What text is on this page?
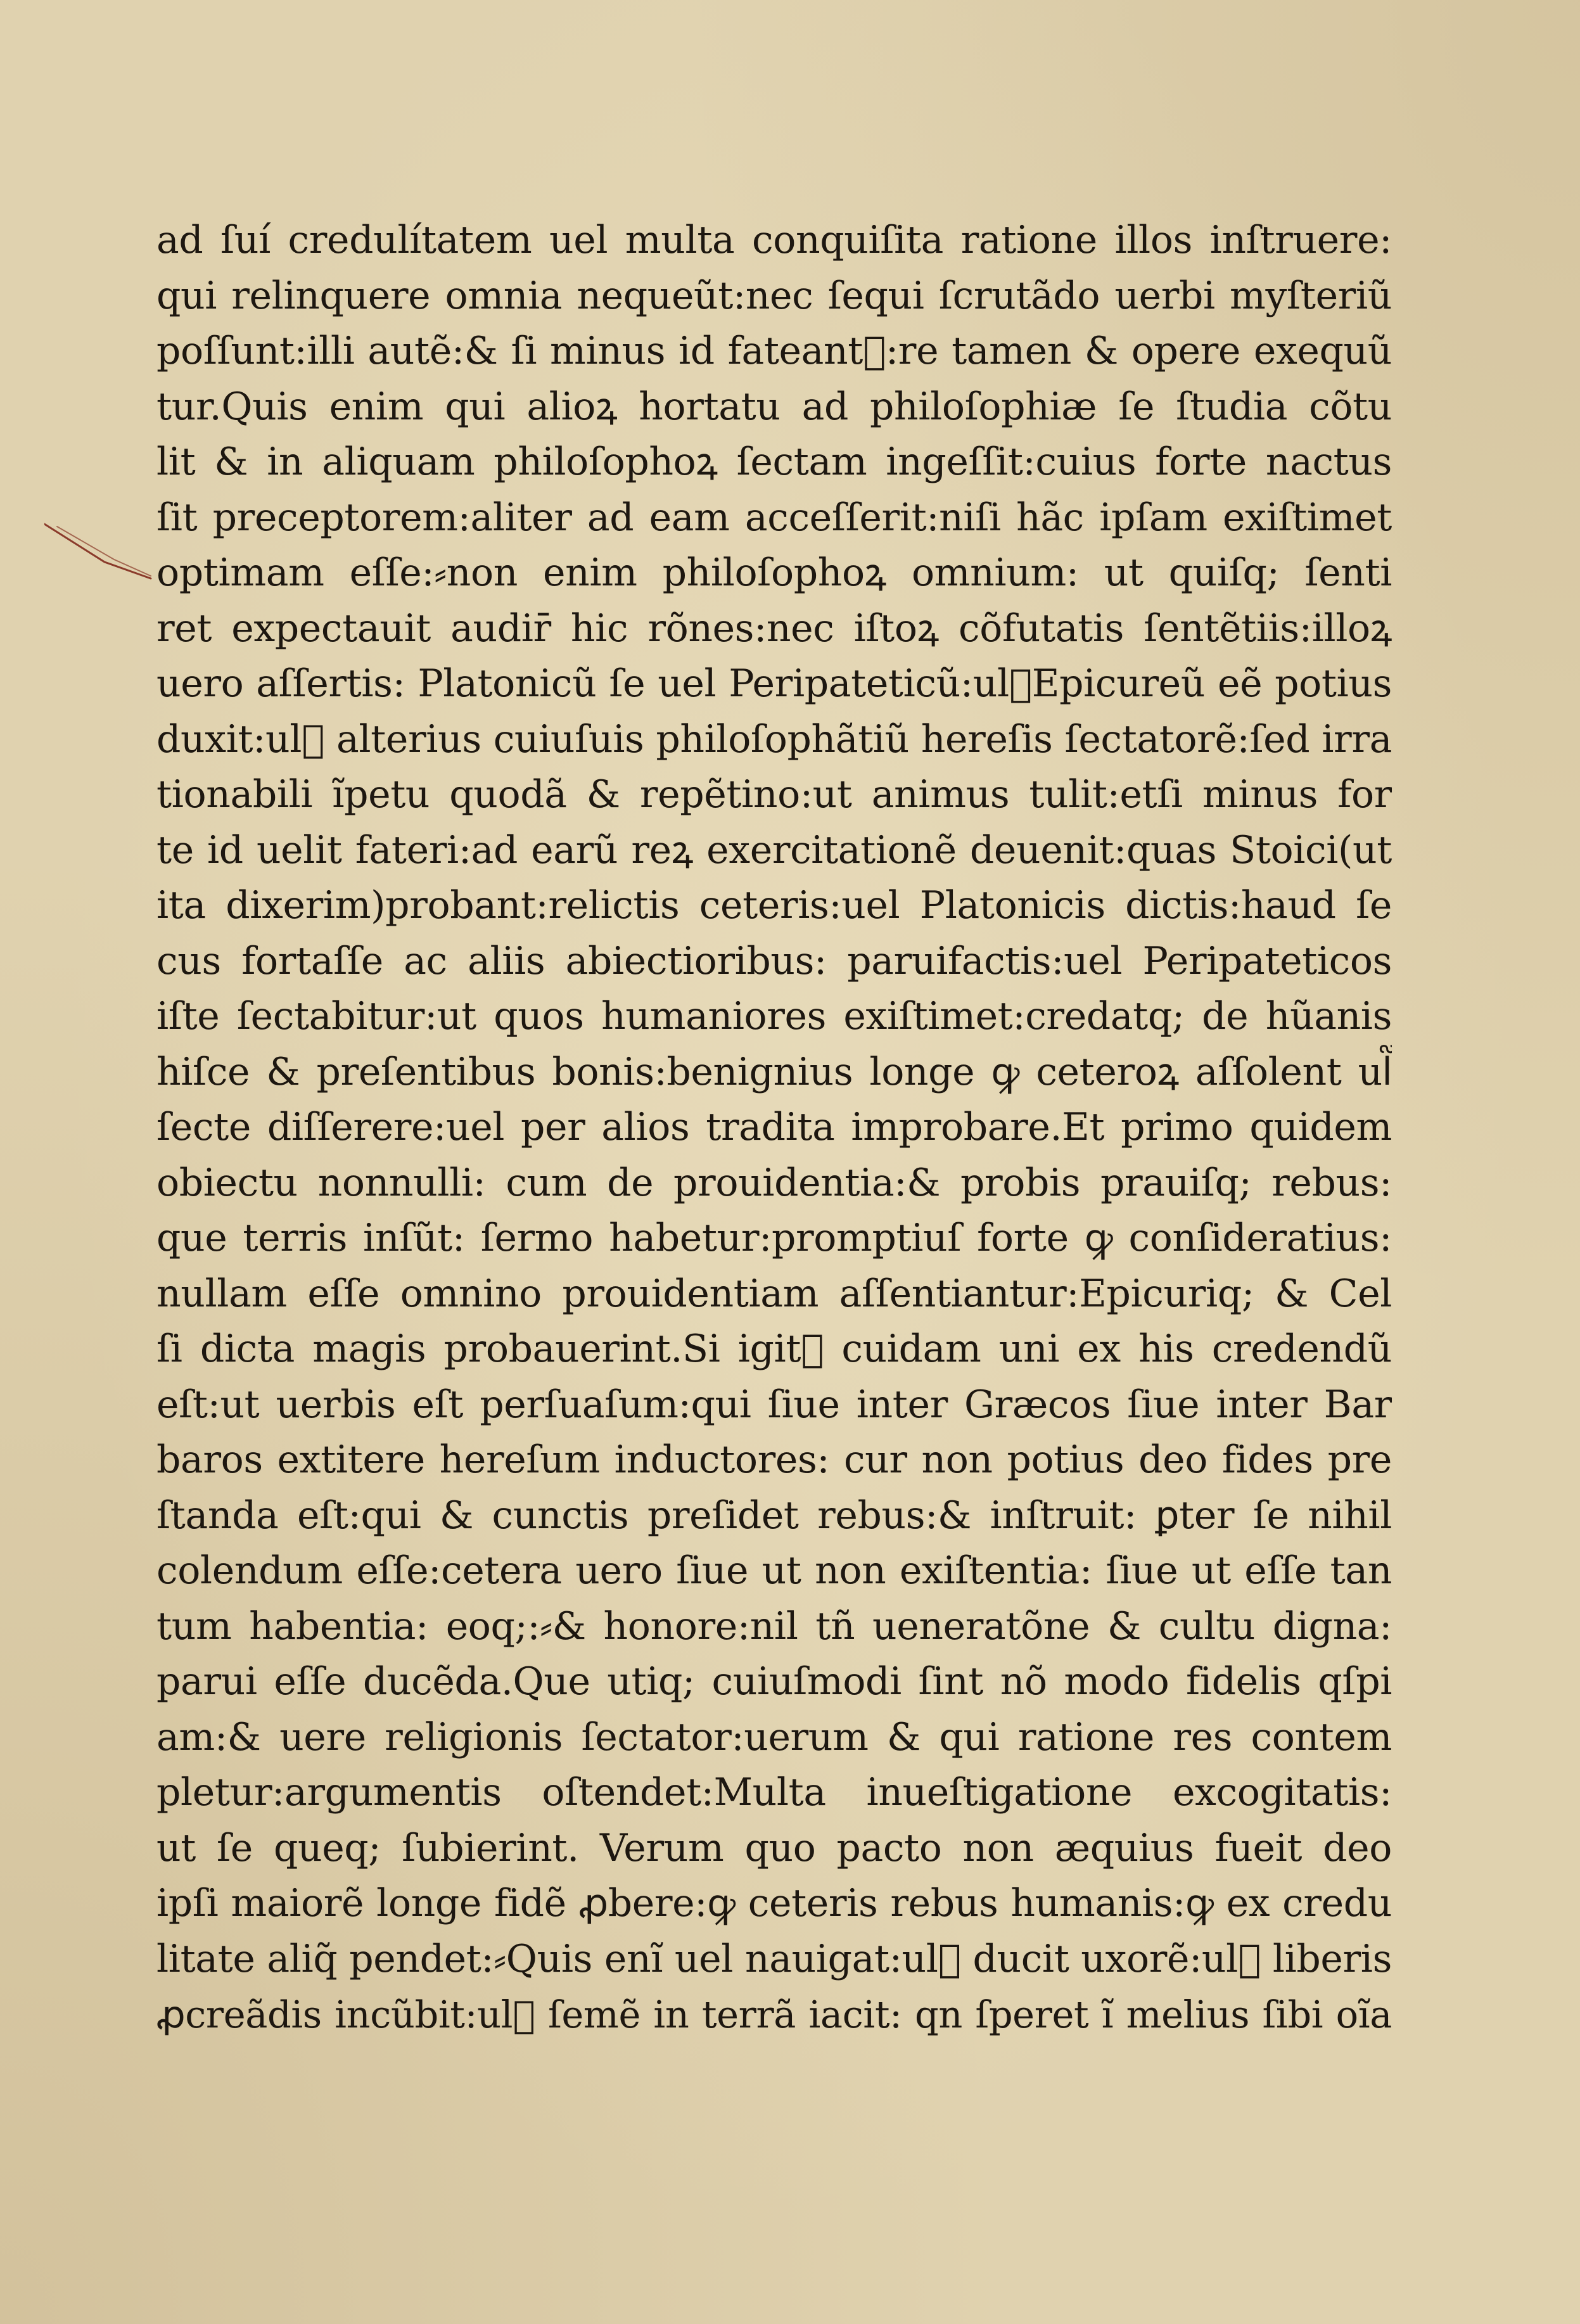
ad ſuí credulítatem uel multa conquiſita ratione illos inſtruere:
qui relinquere omnia nequeũt:nec ſequi ſcrutãdo uerbi myſteriũ
poſſunt:illi autẽ:& ſi minus id fateant᷑:re tamen & opere exequũ
tur.Quis enim qui alioꝝ hortatu ad philoſophiæ ſe ſtudia cõtu
lit & in aliquam philoſophoꝝ ſectam ingeſſit:cuius forte nactus
ſit preceptorem:aliter ad eam acceſſerit:niſi hãc ipſam exiſtimet
optimam eſſe:⸗non enim philoſophoꝝ omnium: ut quiſq; ſenti
ret expectauit audir̄ hic rõnes:nec iſtoꝝ cõfutatis ſentẽtiis:illoꝝ
uero aſſertis: Platonicũ ſe uel Peripateticũ:ul᷑Epicureũ eẽ potius
duxit:ul᷑ alterius cuiuſuis philoſophãtiũ hereſis ſectatorẽ:ſed irra
tionabili ĩpetu quodã & repẽtino:ut animus tulit:etſi minus for
te id uelit fateri:ad earũ reꝝ exercitationẽ deuenit:quas Stoici(ut
ita dixerim)probant:relictis ceteris:uel Platonicis dictis:haud ſe
cus fortaſſe ac aliis abiectioribus: paruifactis:uel Peripateticos
iſte ſectabitur:ut quos humaniores exiſtimet:credatq; de hũanis
hiſce & preſentibus bonis:benignius longe ꝙ ceteroꝝ aſſolent ul᷑
ſecte diſſerere:uel per alios tradita improbare.Et primo quidem
obiectu nonnulli: cum de prouidentia:& probis prauiſq; rebus:
que terris inſũt: ſermo habetur:promptiuſ forte ꝙ conſideratius:
nullam eſſe omnino prouidentiam aſſentiantur:Epicuriq; & Cel
ſi dicta magis probauerint.Si igit᷑ cuidam uni ex his credendũ
eſt:ut uerbis eſt perſuaſum:qui ſiue inter Græcos ſiue inter Bar
baros extitere hereſum inductores: cur non potius deo fides pre
ſtanda eſt:qui & cunctis preſidet rebus:& inſtruit: ꝑter ſe nihil
colendum eſſe:cetera uero ſiue ut non exiſtentia: ſiue ut eſſe tan
tum habentia: eoq;:⸗& honore:nil tñ ueneratõne & cultu digna:
parui eſſe ducẽda.Que utiq; cuiuſmodi ſint nõ modo fidelis qſpi
am:& uere religionis ſectator:uerum & qui ratione res contem
pletur:argumentis oſtendet:Multa inueſtigatione excogitatis:
ut ſe queq; ſubierint. Verum quo pacto non æquius fueit deo
ipſi maiorẽ longe fidẽ ꝓbere:ꝙ ceteris rebus humanis:ꝙ ex credu
litate aliq̃ pendet:⸗Quis enĩ uel nauigat:ul᷑ ducit uxorẽ:ul᷑ liberis
ꝓcreãdis incũbit:ul᷑ ſemẽ in terrã iacit: qn ſperet ĩ melius ſibi oĩa
